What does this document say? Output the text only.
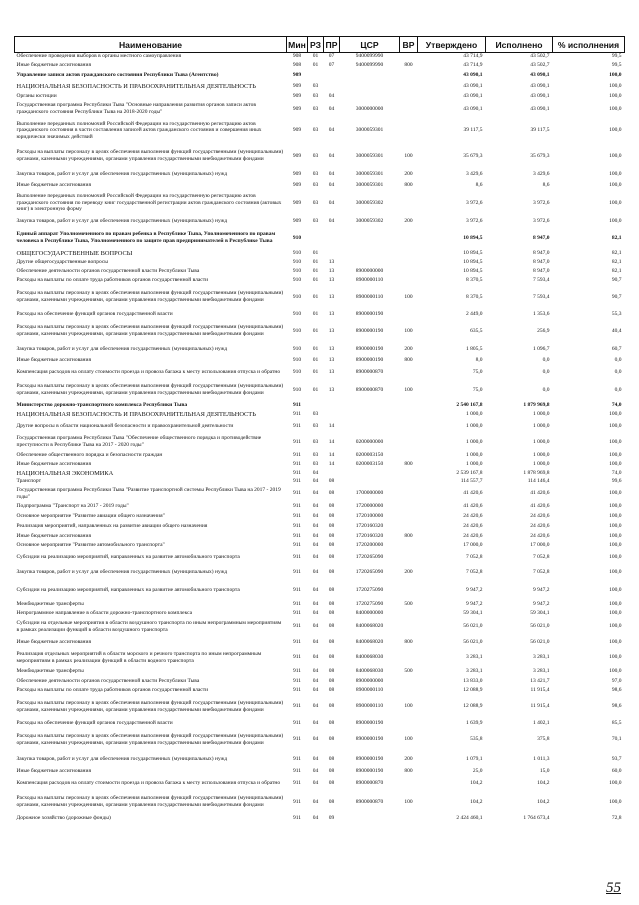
Наименование	Мин	РЗ	ПР	ЦСР	ВР	Утверждено	Исполнено	% исполнения
Обеспечение проведения выборов в органы местного самоуправления	908	01	07	9400099990		43 714,9	43 502,7	99,5
Иные бюджетные ассигнования	908	01	07	9400099990	800	43 714,9	43 502,7	99,5
Управление записи актов гражданского состояния Республики Тыва (Агентство)	909					43 090,1	43 090,1	100,0
НАЦИОНАЛЬНАЯ БЕЗОПАСНОСТЬ И ПРАВООХРАНИТЕЛЬНАЯ ДЕЯТЕЛЬНОСТЬ	909	03				43 090,1	43 090,1	100,0
Органы юстиции	909	03	04			43 090,1	43 090,1	100,0
Государственная программа Республики Тыва "Основные направления развития органов записи актов гражданского состояния Республики Тыва на 2018-2020 годы"	909	03	04	3000000000		43 090,1	43 090,1	100,0
Выполнение переданных полномочий Российской Федерации на государственную регистрацию актов гражданского состояния в части составления записей актов гражданского состояния и совершения иных юридически значимых действий	909	03	04	3000059301		39 117,5	39 117,5	100,0
Расходы на выплаты персоналу в целях обеспечения выполнения функций государственными (муниципальными) органами, казенными учреждениями, органами управления государственными внебюджетными фондами	909	03	04	3000059301	100	35 679,3	35 679,3	100,0
Закупка товаров, работ и услуг для обеспечения государственных (муниципальных) нужд	909	03	04	3000059301	200	3 429,6	3 429,6	100,0
Иные бюджетные ассигнования	909	03	04	3000059301	800	8,6	8,6	100,0
Выполнение переданных полномочий Российской Федерации на государственную регистрацию актов гражданского состояния по переводу книг государственной регистрации актов гражданского состояния (актовых книг) в электронную форму	909	03	04	3000059302		3 972,6	3 972,6	100,0
Закупка товаров, работ и услуг для обеспечения государственных (муниципальных) нужд	909	03	04	3000059302	200	3 972,6	3 972,6	100,0
Единый аппарат Уполномоченного по правам ребенка в Республике Тыва, Уполномоченного по правам человека в Республике Тыва, Уполномоченного по защите прав предпринимателей в Республике Тыва	910					10 894,5	8 947,0	82,1
ОБЩЕГОСУДАРСТВЕННЫЕ ВОПРОСЫ	910	01				10 894,5	8 947,0	82,1
Другие общегосударственные вопросы	910	01	13			10 894,5	8 947,0	82,1
Обеспечение деятельности органов государственной власти Республики Тыва	910	01	13	8900000000		10 894,5	8 947,0	82,1
Расходы на выплаты по оплате труда работников органов государственной власти	910	01	13	8900000110		8 370,5	7 593,4	90,7
Расходы на выплаты персоналу в целях обеспечения выполнения функций государственными (муниципальными) органами, казенными учреждениями, органами управления государственными внебюджетными фондами	910	01	13	8900000110	100	8 370,5	7 593,4	90,7
Расходы на обеспечение функций органов государственной власти	910	01	13	8900000190		2 449,0	1 353,6	55,3
Расходы на выплаты персоналу в целях обеспечения выполнения функций государственными (муниципальными) органами, казенными учреждениями, органами управления государственными внебюджетными фондами	910	01	13	8900000190	100	635,5	256,9	40,4
Закупка товаров, работ и услуг для обеспечения государственных (муниципальных) нужд	910	01	13	8900000190	200	1 805,5	1 096,7	60,7
Иные бюджетные ассигнования	910	01	13	8900000190	800	8,0	0,0	0,0
Компенсация расходов на оплату стоимости проезда и провоза багажа к месту использования отпуска и обратно	910	01	13	8900000870		75,0	0,0	0,0
Расходы на выплаты персоналу в целях обеспечения выполнения функций государственными (муниципальными) органами, казенными учреждениями, органами управления государственными внебюджетными фондами	910	01	13	8900000870	100	75,0	0,0	0,0
Министерство дорожно-транспортного комплекса Республики Тыва	911					2 540 167,8	1 879 969,8	74,0
НАЦИОНАЛЬНАЯ БЕЗОПАСНОСТЬ И ПРАВООХРАНИТЕЛЬНАЯ ДЕЯТЕЛЬНОСТЬ	911	03				1 000,0	1 000,0	100,0
Другие вопросы в области национальной безопасности и правоохранительной деятельности	911	03	14			1 000,0	1 000,0	100,0
Государственная программа Республики Тыва "Обеспечение общественного порядка и противодействие преступности в Республике Тыва на 2017 - 2020 годы"	911	03	14	0200000000		1 000,0	1 000,0	100,0
Обеспечение общественного порядка и безопасности граждан	911	03	14	0200003150		1 000,0	1 000,0	100,0
Иные бюджетные ассигнования	911	03	14	0200003150	800	1 000,0	1 000,0	100,0
НАЦИОНАЛЬНАЯ ЭКОНОМИКА	911	04				2 539 167,8	1 878 969,8	74,0
Транспорт	911	04	08			114 557,7	114 146,4	99,6
Государственная программа Республики Тыва "Развитие транспортной системы Республики Тыва на 2017 - 2019 годы"	911	04	08	1700000000		41 420,6	41 420,6	100,0
Подпрограмма "Транспорт на 2017 - 2019 годы"	911	04	08	1720000000		41 420,6	41 420,6	100,0
Основное мероприятие "Развитие авиации общего назначения"	911	04	08	1720100000		24 420,6	24 420,6	100,0
Реализация мероприятий, направленных на развитие авиации общего назначения	911	04	08	1720160320		24 420,6	24 420,6	100,0
Иные бюджетные ассигнования	911	04	08	1720160320	800	24 420,6	24 420,6	100,0
Основное мероприятие "Развитие автомобильного транспорта"	911	04	08	1720200000		17 000,0	17 000,0	100,0
Субсидии на реализацию мероприятий, направленных на развитие автомобильного транспорта	911	04	08	1720265090		7 052,8	7 052,8	100,0
Закупка товаров, работ и услуг для обеспечения государственных (муниципальных) нужд	911	04	08	1720265090	200	7 052,8	7 052,8	100,0
Субсидии на реализацию мероприятий, направленных на развитие автомобильного транспорта	911	04	08	1720275090		9 947,2	9 947,2	100,0
Межбюджетные трансферты	911	04	08	1720275090	500	9 947,2	9 947,2	100,0
Непрограммное направление в области дорожно-транспортного комплекса	911	04	08	8400000000		59 304,1	59 304,1	100,0
Субсидии на отдельные мероприятия в области воздушного транспорта по иным непрограммным мероприятиям в рамках реализации функций в области воздушного транспорта	911	04	08	8400068020		56 021,0	56 021,0	100,0
Иные бюджетные ассигнования	911	04	08	8400068020	800	56 021,0	56 021,0	100,0
Реализация отдельных мероприятий в области морского и речного транспорта по иным непрограммным мероприятиям в рамках реализации функций в области водного транспорта	911	04	08	8400068030		3 283,1	3 283,1	100,0
Межбюджетные трансферты	911	04	08	8400068030	500	3 283,1	3 283,1	100,0
Обеспечение деятельности органов государственной власти Республики Тыва	911	04	08	8900000000		13 833,0	13 421,7	97,0
Расходы на выплаты по оплате труда работников органов государственной власти	911	04	08	8900000110		12 088,9	11 915,4	98,6
Расходы на выплаты персоналу в целях обеспечения выполнения функций государственными (муниципальными) органами, казенными учреждениями, органами управления государственными внебюджетными фондами	911	04	08	8900000110	100	12 088,9	11 915,4	98,6
Расходы на обеспечение функций органов государственной власти	911	04	08	8900000190		1 639,9	1 402,1	85,5
Расходы на выплаты персоналу в целях обеспечения выполнения функций государственными (муниципальными) органами, казенными учреждениями, органами управления государственными внебюджетными фондами	911	04	08	8900000190	100	535,8	375,8	70,1
Закупка товаров, работ и услуг для обеспечения государственных (муниципальных) нужд	911	04	08	8900000190	200	1 079,1	1 011,3	93,7
Иные бюджетные ассигнования	911	04	08	8900000190	800	25,0	15,0	60,0
Компенсация расходов на оплату стоимости проезда и провоза багажа к месту использования отпуска и обратно	911	04	08	8900000870		104,2	104,2	100,0
Расходы на выплаты персоналу в целях обеспечения выполнения функций государственными (муниципальными) органами, казенными учреждениями, органами управления государственными внебюджетными фондами	911	04	08	8900000870	100	104,2	104,2	100,0
Дорожное хозяйство (дорожные фонды)	911	04	09			2 424 460,1	1 764 673,4	72,8
55
